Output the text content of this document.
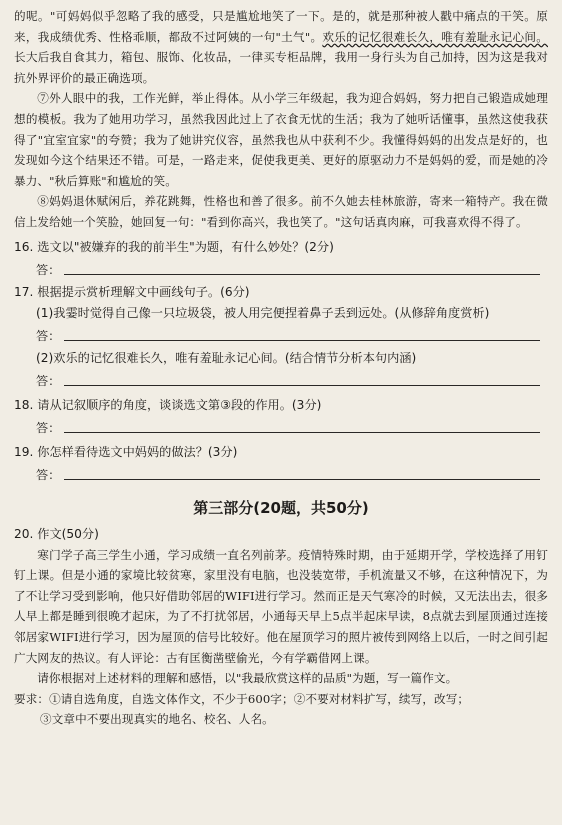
的呢。"可妈妈似乎忽略了我的感受，只是尴尬地笑了一下。是的，就是那种被人戳中痛点的干笑。原来，我成绩优秀、性格乖顺，都敌不过阿姨的一句"土气"。欢乐的记忆很难长久，唯有羞耻永记心间。长大后我自食其力，箱包、服饰、化妆品，一律买专柜品牌，我用一身行头为自己加持，因为这是我对抗外界评价的最正确选项。

⑦外人眼中的我，工作光鲜，举止得体。从小学三年级起，我为迎合妈妈，努力把自己锻造成她理想的模板。我为了她用功学习，虽然我因此过上了衣食无忧的生活；我为了她听话懂事，虽然这使我获得了"宜室宜家"的夸赞；我为了她讲究仪容，虽然我也从中获利不少。我懂得妈妈的出发点是好的，也发现如今这个结果还不错。可是，一路走来，促使我更美、更好的原驱动力不是妈妈的爱，而是她的冷暴力、"秋后算账"和尴尬的笑。

⑧妈妈退休赋闲后，养花跳舞，性格也和善了很多。前不久她去桂林旅游，寄来一箱特产。我在微信上发给她一个笑脸，她回复一句："看到你高兴，我也笑了。"这句话真肉麻，可我喜欢得不得了。

16. 选文以"被嫌弃的我的前半生"为题，有什么妙处？(2分)

答：

17. 根据提示赏析理解文中画线句子。(6分)

(1)我霎时觉得自己像一只垃圾袋，被人用完便捏着鼻子丢到远处。(从修辞角度赏析)

答：

(2)欢乐的记忆很难长久，唯有羞耻永记心间。(结合情节分析本句内涵)

答：

18. 请从记叙顺序的角度，谈谈选文第③段的作用。(3分)

答：

19. 你怎样看待选文中妈妈的做法？(3分)

答：
第三部分(20题，共50分)

20. 作文(50分)

寒门学子高三学生小通，学习成绩一直名列前茅。疫情特殊时期，由于延期开学，学校选择了用钉钉上课。但是小通的家境比较贫寒，家里没有电脑，也没装宽带，手机流量又不够，在这种情况下，为了不让学习受到影响，他只好借助邻居的WIFI进行学习。然而正是天气寒冷的时候，又无法出去，很多人早上都是睡到很晚才起床，为了不打扰邻居，小通每天早上5点半起床早读，8点就去到屋顶通过连接邻居家WIFI进行学习，因为屋顶的信号比较好。他在屋顶学习的照片被传到网络上以后，一时之间引起广大网友的热议。有人评论：古有匡衡凿壁偷光，今有学霸借网上课。

请你根据对上述材料的理解和感悟，以"我最欣赏这样的品质"为题，写一篇作文。

要求：①请自选角度，自选文体作文，不少于600字；②不要对材料扩写，续写，改写；

③文章中不要出现真实的地名、校名、人名。
